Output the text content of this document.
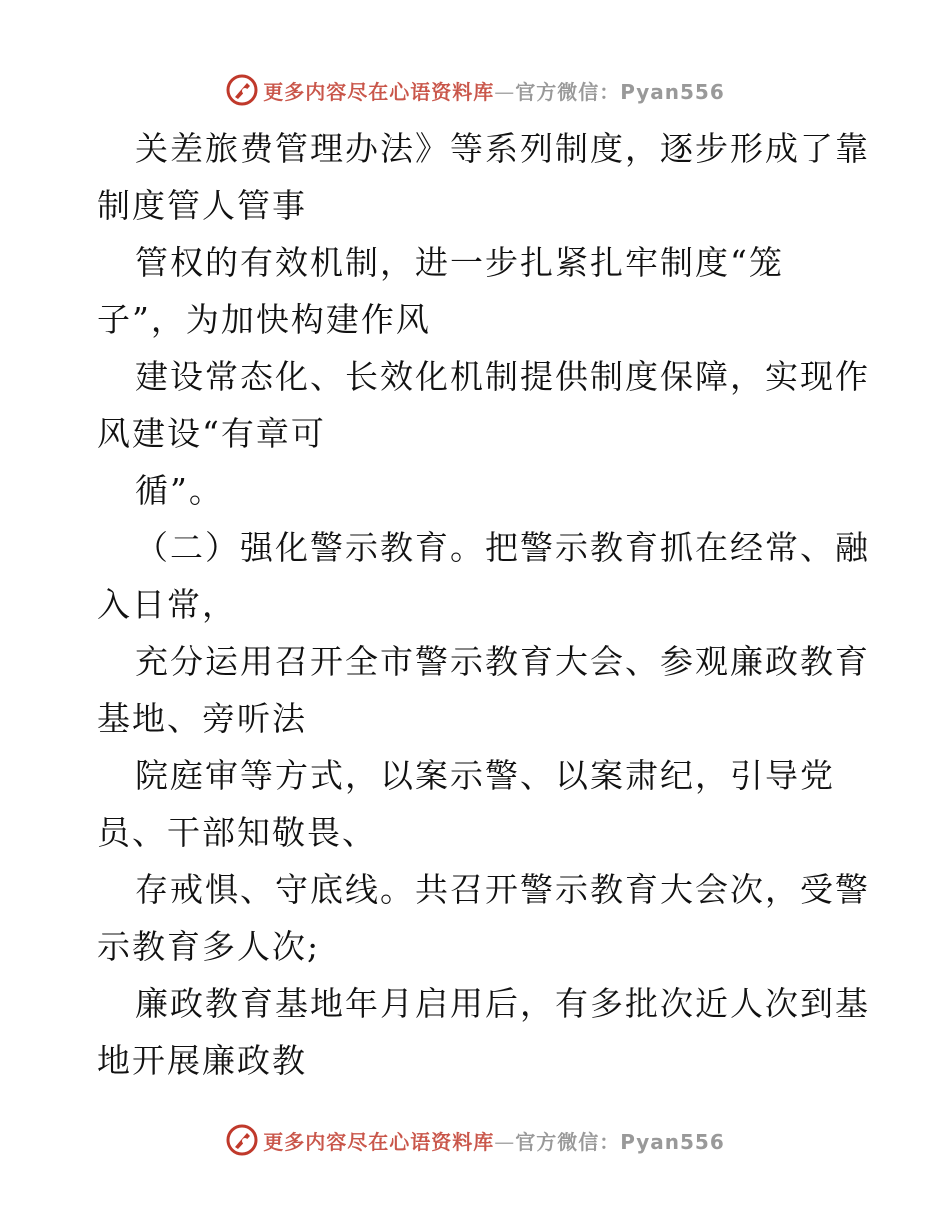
更多内容尽在心语资料库—官方微信：Pyan556
关差旅费管理办法》等系列制度，逐步形成了靠
制度管人管事
管权的有效机制，进一步扎紧扎牢制度“笼
子”，为加快构建作风
建设常态化、长效化机制提供制度保障，实现作
风建设“有章可
循”。
（二）强化警示教育。把警示教育抓在经常、融
入日常，
充分运用召开全市警示教育大会、参观廉政教育
基地、旁听法
院庭审等方式，以案示警、以案肃纪，引导党
员、干部知敬畏、
存戒惧、守底线。共召开警示教育大会次，受警
示教育多人次;
廉政教育基地年月启用后，有多批次近人次到基
地开展廉政教
更多内容尽在心语资料库—官方微信：Pyan556
